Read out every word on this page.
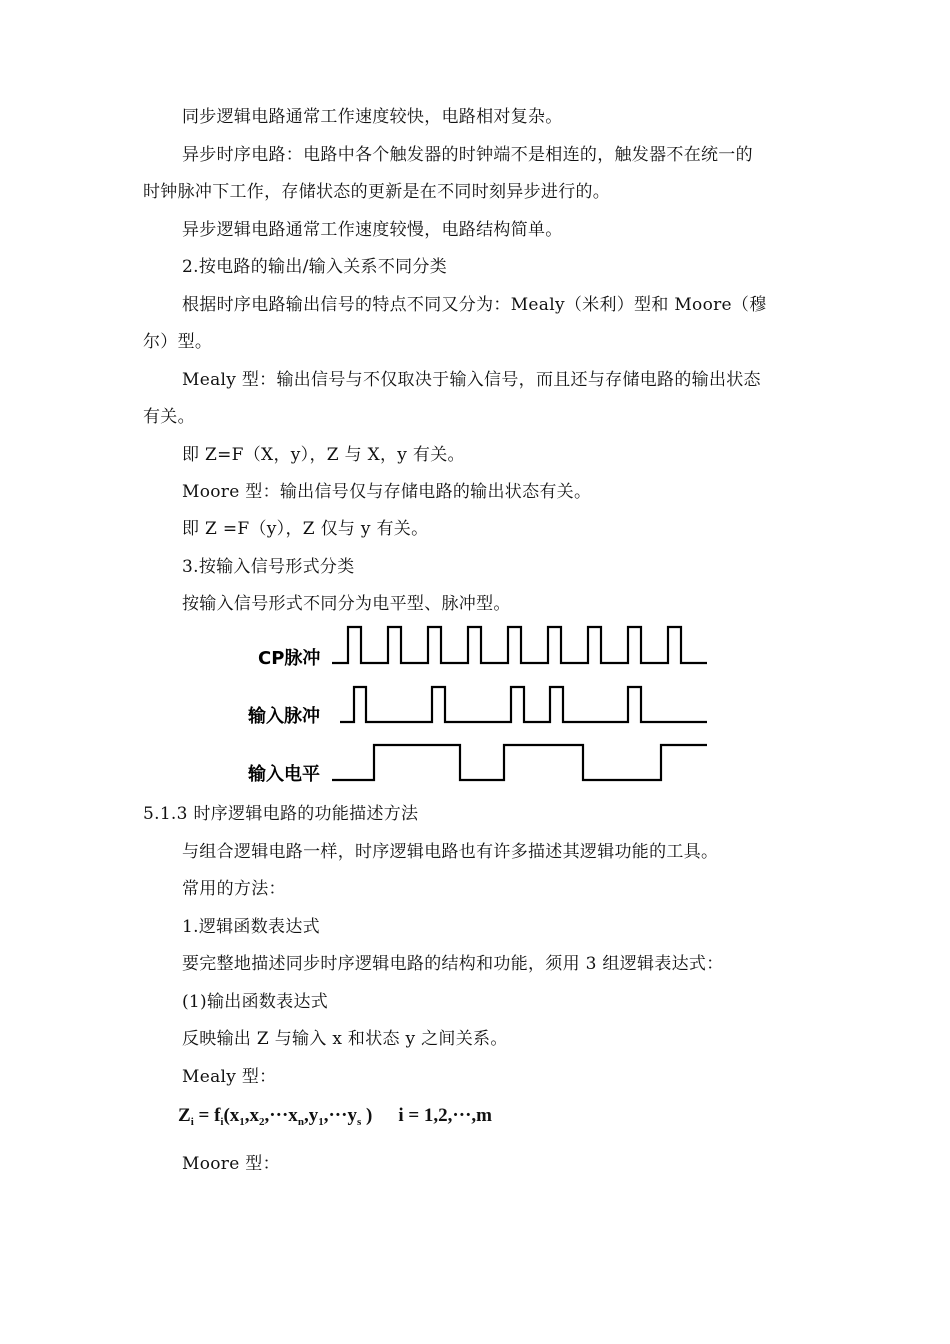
同步逻辑电路通常工作速度较快，电路相对复杂。
异步时序电路：电路中各个触发器的时钟端不是相连的，触发器不在统一的
时钟脉冲下工作，存储状态的更新是在不同时刻异步进行的。
异步逻辑电路通常工作速度较慢，电路结构简单。
2.按电路的输出/输入关系不同分类
根据时序电路输出信号的特点不同又分为：Mealy（米利）型和 Moore（穆
尔）型。
Mealy 型：输出信号与不仅取决于输入信号，而且还与存储电路的输出状态
有关。
即 Z=F（X，y），Z 与 X，y 有关。
Moore 型：输出信号仅与存储电路的输出状态有关。
即 Z =F（y），Z 仅与 y 有关。
3.按输入信号形式分类
按输入信号形式不同分为电平型、脉冲型。
CP脉冲
输入脉冲
输入电平
5.1.3 时序逻辑电路的功能描述方法
与组合逻辑电路一样，时序逻辑电路也有许多描述其逻辑功能的工具。
常用的方法：
1.逻辑函数表达式
要完整地描述同步时序逻辑电路的结构和功能，须用 3 组逻辑表达式：
(1)输出函数表达式
反映输出 Z 与输入 x 和状态 y 之间关系。
Mealy 型：
$Z_i = f_i(x_1,x_2,\cdot\cdot\cdot x_n,y_1,\cdot\cdot\cdot y_s$ ) i = 1,2,···,m
Moore 型：
